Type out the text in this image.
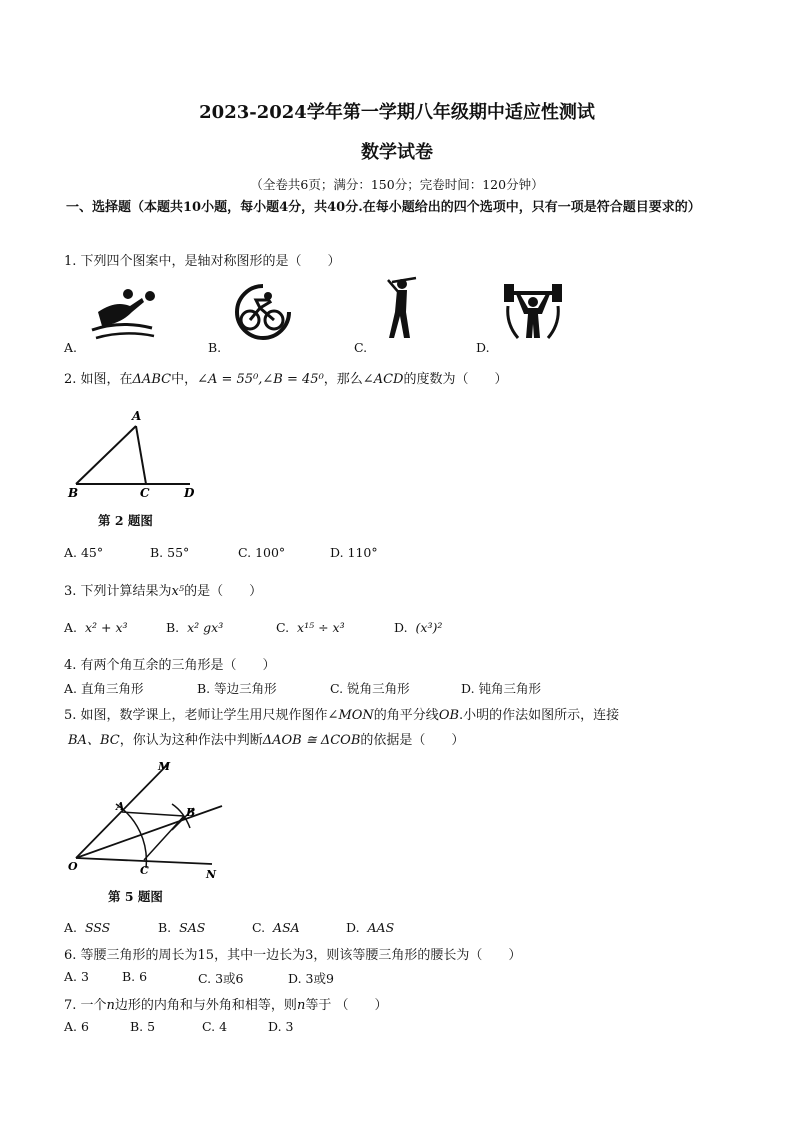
2023-2024学年第一学期八年级期中适应性测试
数学试卷
（全卷共6页；满分：150分；完卷时间：120分钟）
一、选择题（本题共10小题，每小题4分，共40分.在每小题给出的四个选项中，只有一项是符合题目要求的）
1. 下列四个图案中，是轴对称图形的是（　　）
A.	B.	C.	D.
2. 如图，在ΔABC中，∠A = 55⁰,∠B = 45⁰，那么∠ACD的度数为（　　）
A
B	C	D
第 2 题图
A. 45°	B. 55°	C. 100°	D. 110°
3. 下列计算结果为x⁵的是（　　）
A. x² + x³	B. x² gx³	C. x¹⁵ ÷ x³	D. (x³)²
4. 有两个角互余的三角形是（　　）
A. 直角三角形	B. 等边三角形	C. 锐角三角形	D. 钝角三角形
5. 如图，数学课上，老师让学生用尺规作图作∠MON的角平分线OB.小明的作法如图所示，连接
BA、BC，你认为这种作法中判断ΔAOB ≅ ΔCOB的依据是（　　）
M
A	B
O	C	N
第 5 题图
A. SSS	B. SAS	C. ASA	D. AAS
6. 等腰三角形的周长为15，其中一边长为3，则该等腰三角形的腰长为（　　）
A. 3	B. 6	C. 3或6	D. 3或9
7. 一个n边形的内角和与外角和相等，则n等于 （　　）
A. 6	B. 5	C. 4	D. 3
